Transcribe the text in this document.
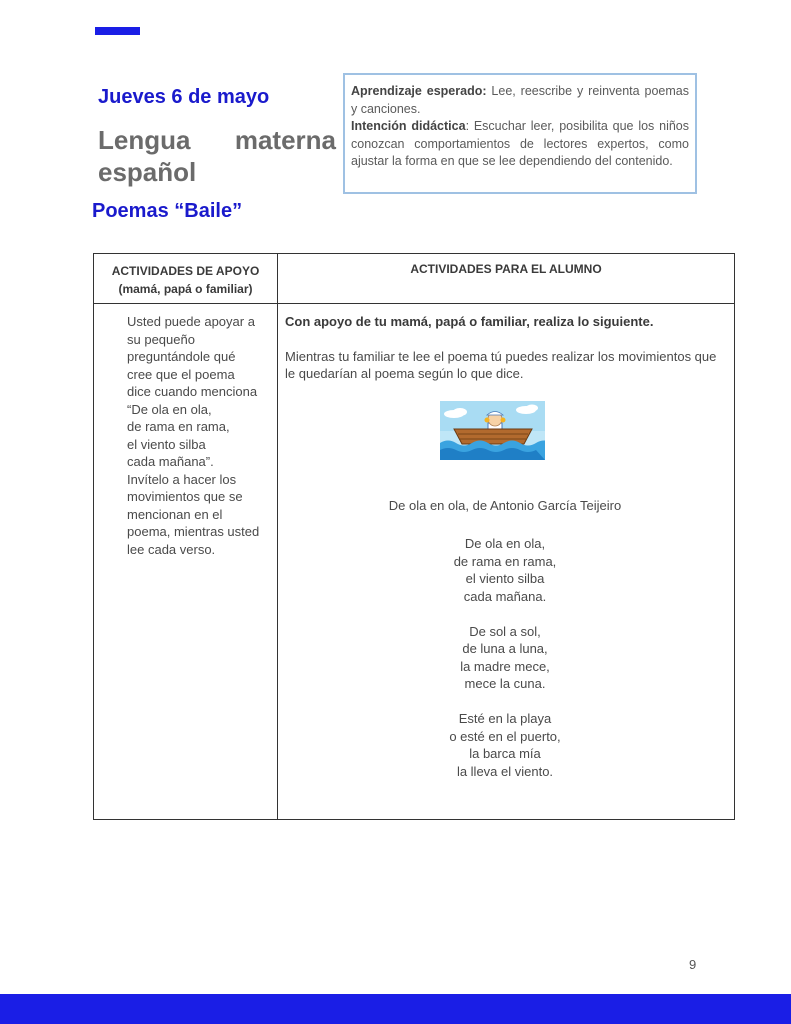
Jueves 6 de mayo
Lengua materna
español
Poemas “Baile”

Aprendizaje esperado: Lee, reescribe y reinventa poemas y canciones.

Intención didáctica: Escuchar leer, posibilita que los niños conozcan comportamientos de lectores expertos, como ajustar la forma en que se lee dependiendo del contenido.

ACTIVIDADES DE APOYO
(mamá, papá o familiar)
ACTIVIDADES PARA EL ALUMNO
Usted puede apoyar a
su pequeño
preguntándole qué
cree que el poema
dice cuando menciona
“De ola en ola,
de rama en rama,
el viento silba
cada mañana”.
Invítelo a hacer los
movimientos que se
mencionan en el
poema, mientras usted
lee cada verso.

Con apoyo de tu mamá, papá o familiar, realiza lo siguiente.

Mientras tu familiar te lee el poema tú puedes realizar los movimientos que le quedarían al poema según lo que dice.

De ola en ola, de Antonio García Teijeiro
De ola en ola,
de rama en rama,
el viento silba
cada mañana.
De sol a sol,
de luna a luna,
la madre mece,
mece la cuna.
Esté en la playa
o esté en el puerto,
la barca mía
la lleva el viento.
9
